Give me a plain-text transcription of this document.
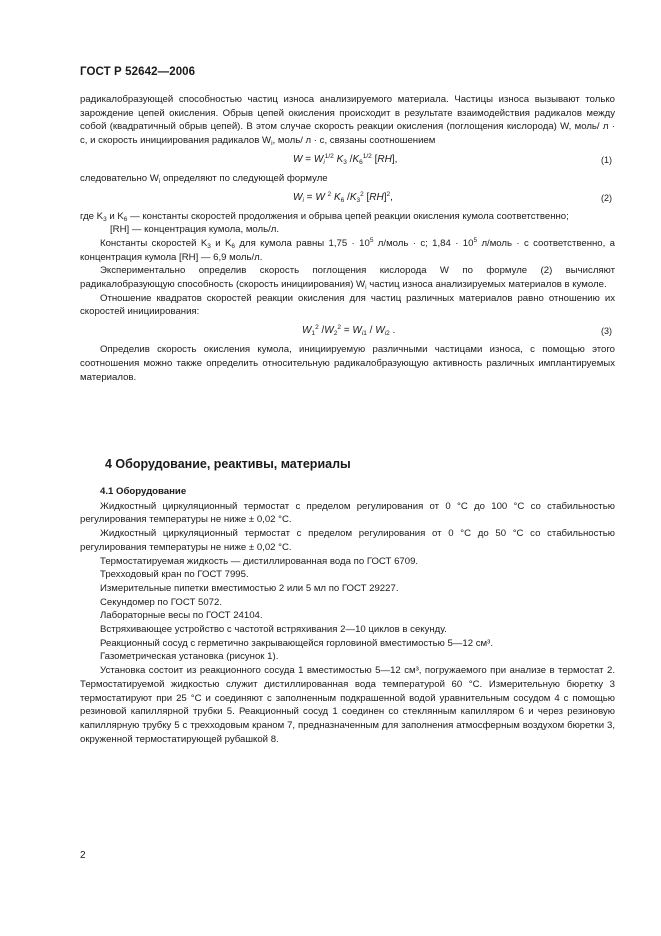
ГОСТ Р 52642—2006

радикалобразующей способностью частиц износа анализируемого материала. Частицы износа вызывают только зарождение цепей окисления. Обрыв цепей окисления происходит в результате взаимодействия радикалов между собой (квадратичный обрыв цепей). В этом случае скорость реакции окисления (поглощения кислорода) W, моль/ л · с, и скорость инициирования радикалов $W_i$, моль/ л · с, связаны соотношением

$W = W_i^{1/2}$ $K_3$ $/K_6^{1/2}$ [RH],	(1)

следовательно $W_i$ определяют по следующей формуле

$W_i = W$ $^2$ $K_6$ $/K_3^2$ [RH]$^2$,	(2)

где $K_3$ и $K_6$ — константы скоростей продолжения и обрыва цепей реакции окисления кумола соответственно;

[RH] — концентрация кумола, моль/л.

Константы скоростей $K_3$ и $K_6$ для кумола равны $1,75 \cdot 10^5$ л/моль · с; $1,84 \cdot 10^5$ л/моль · с соответственно, а концентрация кумола [RH] — 6,9 моль/л.

Экспериментально определив скорость поглощения кислорода W по формуле (2) вычисляют радикалобразующую способность (скорость инициирования) $W_i$ частиц износа анализируемых материалов в кумоле.

Отношение квадратов скоростей реакции окисления для частиц различных материалов равно отношению их скоростей инициирования:

$W_1^2$ $/W_2^2 = W_{i1} / W_{i2}$ .	(3)

Определив скорость окисления кумола, инициируемую различными частицами износа, с помощью этого соотношения можно также определить относительную радикалобразующую активность различных имплантируемых материалов.

4 Оборудование, реактивы, материалы

4.1 Оборудование

Жидкостный циркуляционный термостат с пределом регулирования от 0 °С до 100 °С со стабильностью регулирования температуры не ниже ± 0,02 °С.

Жидкостный циркуляционный термостат с пределом регулирования от 0 °С до 50 °С со стабильностью регулирования температуры не ниже ± 0,02 °С.

Термостатируемая жидкость — дистиллированная вода по ГОСТ 6709.

Трехходовый кран по ГОСТ 7995.

Измерительные пипетки вместимостью 2 или 5 мл по ГОСТ 29227.

Секундомер по ГОСТ 5072.

Лабораторные весы по ГОСТ 24104.

Встряхивающее устройство с частотой встряхивания 2—10 циклов в секунду.

Реакционный сосуд с герметично закрывающейся горловиной вместимостью 5—12 см³.

Газометрическая установка (рисунок 1).

Установка состоит из реакционного сосуда 1 вместимостью 5—12 см³, погружаемого при анализе в термостат 2. Термостатируемой жидкостью служит дистиллированная вода температурой 60 °С. Измерительную бюретку 3 термостатируют при 25 °С и соединяют с заполненным подкрашенной водой уравнительным сосудом 4 с помощью резиновой капиллярной трубки 5. Реакционный сосуд 1 соединен со стеклянным капилляром 6 и через резиновую капиллярную трубку 5 с трехходовым краном 7, предназначенным для заполнения атмосферным воздухом бюретки 3, окруженной термостатирующей рубашкой 8.

2
